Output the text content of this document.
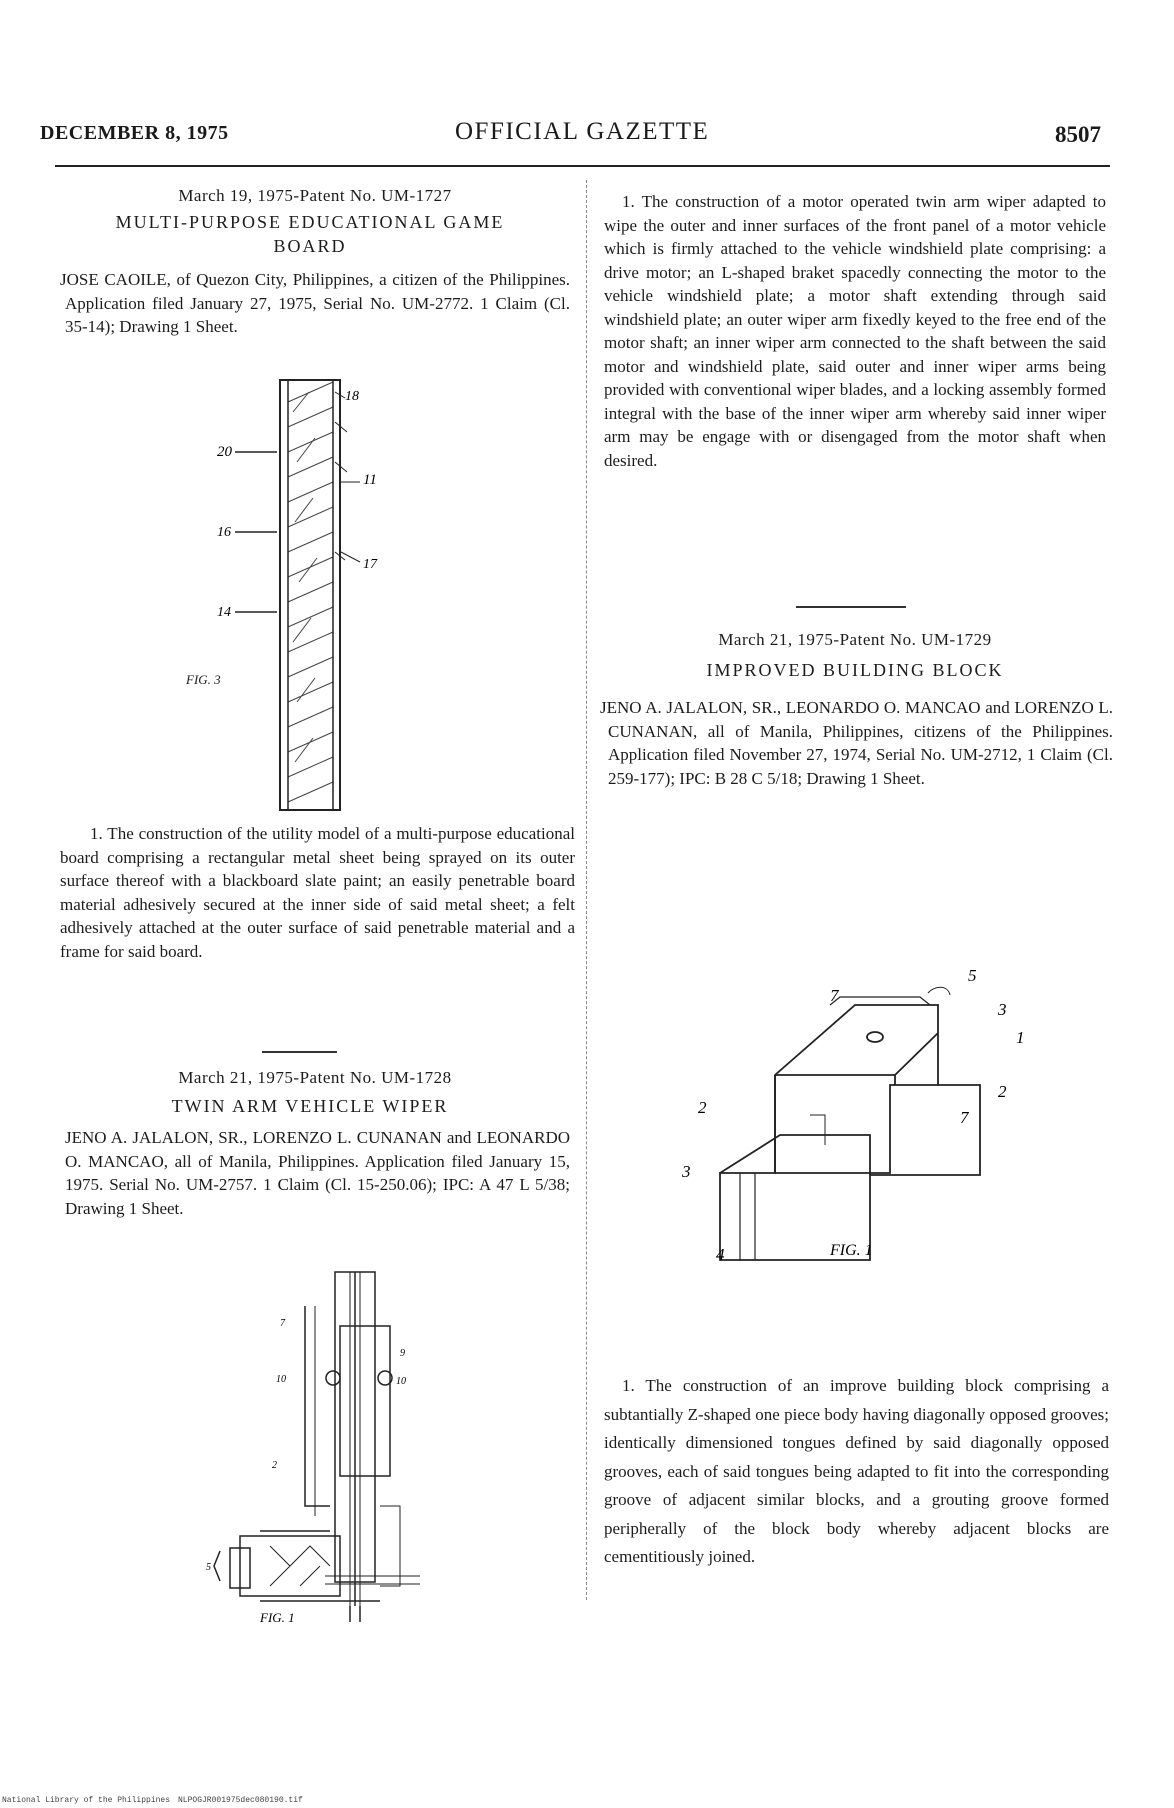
DECEMBER 8, 1975	OFFICIAL GAZETTE	8507
March 19, 1975-Patent No. UM-1727
MULTI-PURPOSE EDUCATIONAL GAME BOARD
JOSE CAOILE, of Quezon City, Philippines, a citizen of the Philippines. Application filed January 27, 1975, Serial No. UM-2772. 1 Claim (Cl. 35-14); Drawing 1 Sheet.
18
20
11
16
17
14
FIG. 3
1. The construction of the utility model of a multi-purpose educational board comprising a rectangular metal sheet being sprayed on its outer surface thereof with a blackboard slate paint; an easily penetrable board material adhesively secured at the inner side of said metal sheet; a felt adhesively attached at the outer surface of said penetrable material and a frame for said board.
March 21, 1975-Patent No. UM-1728
TWIN ARM VEHICLE WIPER
JENO A. JALALON, SR., LORENZO L. CUNANAN and LEONARDO O. MANCAO, all of Manila, Philippines. Application filed January 15, 1975. Serial No. UM-2757. 1 Claim (Cl. 15-250.06); IPC: A 47 L 5/38; Drawing 1 Sheet.
7
9
10	10
2
5
FIG. 1
1. The construction of a motor operated twin arm wiper adapted to wipe the outer and inner surfaces of the front panel of a motor vehicle which is firmly attached to the vehicle windshield plate comprising: a drive motor; an L-shaped braket spacedly connecting the motor to the vehicle windshield plate; a motor shaft extending through said windshield plate; an outer wiper arm fixedly keyed to the free end of the motor shaft; an inner wiper arm connected to the shaft between the said motor and windshield plate, said outer and inner wiper arms being provided with conventional wiper blades, and a locking assembly formed integral with the base of the inner wiper arm whereby said inner wiper arm may be engage with or disengaged from the motor shaft when desired.
March 21, 1975-Patent No. UM-1729
IMPROVED BUILDING BLOCK
JENO A. JALALON, SR., LEONARDO O. MANCAO and LORENZO L. CUNANAN, all of Manila, Philippines, citizens of the Philippines. Application filed November 27, 1974, Serial No. UM-2712, 1 Claim (Cl. 259-177); IPC: B 28 C 5/18; Drawing 1 Sheet.
7
5
3
1
2
2
7
3
4	FIG. 1
1. The construction of an improve building block comprising a subtantially Z-shaped one piece body having diagonally opposed grooves; identically dimensioned tongues defined by said diagonally opposed grooves, each of said tongues being adapted to fit into the corresponding groove of adjacent similar blocks, and a grouting groove formed peripherally of the block body whereby adjacent blocks are cementitiously joined.
National Library of the Philippines NLPOGJR001975dec080190.tif
